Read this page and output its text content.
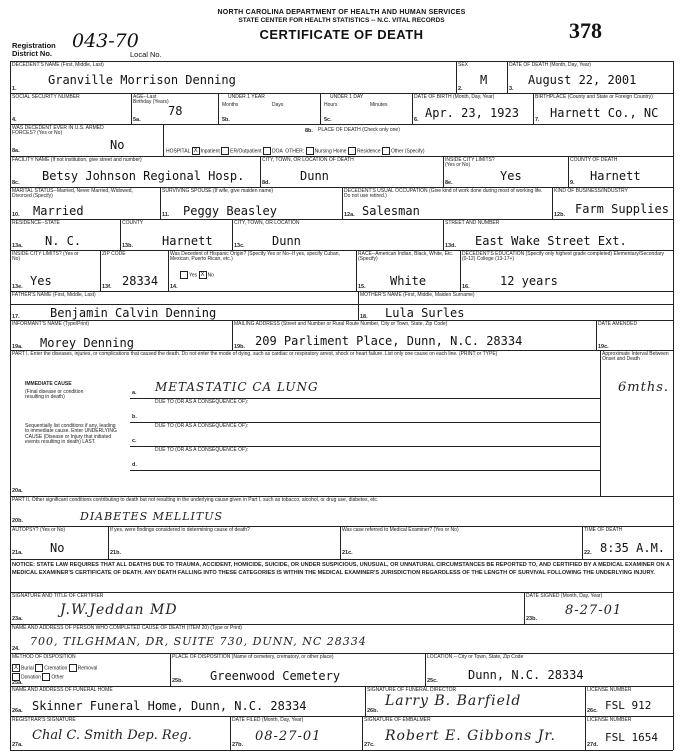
NORTH CAROLINA DEPARTMENT OF HEALTH AND HUMAN SERVICES
STATE CENTER FOR HEALTH STATISTICS -- N.C. VITAL RECORDS
CERTIFICATE OF DEATH	378
Registration District No.
043-70
Local No.
DECEDENT'S NAME (First, Middle, Last)
1.
Granville Morrison Denning
SEX
2.
M
DATE OF DEATH (Month, Day, Year)
3.
August 22, 2001
SOCIAL SECURITY NUMBER
4.
AGE--Last Birthday (Years)
5a.
78
UNDER 1 YEAR
Months	Days
5b.
UNDER 1 DAY
Hours	Minutes
5c.
DATE OF BIRTH (Month, Day, Year)
6. Apr. 23, 1923
BIRTHPLACE (County and State or Foreign Country)
7. Harnett Co., NC
WAS DECEDENT EVER IN U.S. ARMED FORCES? (Yes or No)
8a.	No
8b. PLACE OF DEATH (Check only one)
HOSPITAL X Inpatient ER/Outpatient DOA OTHER: Nursing Home Residence Other (Specify)
FACILITY NAME (If not institution, give street and number)
8c. Betsy Johnson Regional Hosp.
CITY, TOWN, OR LOCATION OF DEATH
8d.	Dunn
INSIDE CITY LIMITS? (Yes or No)
8e.	Yes
COUNTY OF DEATH
9. Harnett
MARITAL STATUS--Married, Never Married, Widowed, Divorced (Specify)
10. Married
SURVIVING SPOUSE (If wife, give maiden name)
11. Peggy Beasley
DECEDENT'S USUAL OCCUPATION (Give kind of work done during most of working life. Do not use retired.)
12a. Salesman
KIND OF BUSINESS/INDUSTRY
12b. Farm Supplies
RESIDENCE--STATE
13a. N. C.
COUNTY
13b. Harnett
CITY, TOWN, OR LOCATION
13c. Dunn
STREET AND NUMBER
13d. East Wake Street Ext.
INSIDE CITY LIMITS? (Yes or No)
13e. Yes
ZIP CODE
13f. 28334
Was Decedent of Hispanic Origin? (Specify Yes or No--If yes, specify Cuban, Mexican, Puerto Rican, etc.)
Yes X No
14.
RACE--American Indian, Black, White, Etc. (Specify)
15. White
DECEDENT'S EDUCATION (Specify only highest grade completed) Elementary/Secondary (0-12) College (13-17+)
16.	12 years
FATHER'S NAME (First, Middle, Last)
17.	Benjamin Calvin Denning
MOTHER'S NAME (First, Middle, Maiden Surname)
18. Lula Surles
INFORMANT'S NAME (Type/Print)
19a. Morey Denning
MAILING ADDRESS (Street and Number or Rural Route Number, City or Town, State, Zip Code)
19b. 209 Parliment Place, Dunn, N.C. 28334
DATE AMENDED
19c.
PART I. Enter the diseases, injuries, or complications that caused the death. Do not enter the mode of dying, such as cardiac or respiratory arrest, shock or heart failure. List only one cause on each line. (PRINT or TYPE)	Approximate Interval Between Onset and Death
IMMEDIATE CAUSE
(Final disease or condition resulting in death)
a. METASTATIC CA LUNG	6mths.
DUE TO (OR AS A CONSEQUENCE OF):
b.
Sequentially list conditions if any, leading to immediate cause. Enter UNDERLYING CAUSE (Disease or Injury that initiated events resulting in death) LAST.
DUE TO (OR AS A CONSEQUENCE OF):
c.
DUE TO (OR AS A CONSEQUENCE OF):
d.
20a.
PART II. Other significant conditions contributing to death but not resulting in the underlying cause given in Part I, such as tobacco, alcohol, or drug use, diabetes, etc.
20b.	DIABETES MELLITUS
AUTOPSY? (Yes or No)
21a. No
If yes, were findings considered in determining cause of death?
21b.
Was case referred to Medical Examiner? (Yes or No)
21c.
TIME OF DEATH
22. 8:35 A.M.
NOTICE: STATE LAW REQUIRES THAT ALL DEATHS DUE TO TRAUMA, ACCIDENT, HOMICIDE, SUICIDE, OR UNDER SUSPICIOUS, UNUSUAL, OR UNNATURAL CIRCUMSTANCES BE REPORTED TO, AND CERTIFIED BY A MEDICAL EXAMINER ON A MEDICAL EXAMINER'S CERTIFICATE OF DEATH. ANY DEATH FALLING INTO THESE CATEGORIES IS WITHIN THE MEDICAL EXAMINER'S JURISDICTION REGARDLESS OF THE LENGTH OF SURVIVAL FOLLOWING THE UNDERLYING INJURY.
SIGNATURE AND TITLE OF CERTIFIER
23a.
J.W.Jeddan MD
DATE SIGNED (Month, Day, Year)
23b.
8-27-01
NAME AND ADDRESS OF PERSON WHO COMPLETED CAUSE OF DEATH (ITEM 20) (Type or Print)
24.
700, TILGHMAN, DR, SUITE 730, DUNN, NC 28334
METHOD OF DISPOSITION
X Burial Cremation Removal
Donation Other
25a.
PLACE OF DISPOSITION (Name of cemetery, crematory, or other place)
25b. Greenwood Cemetery
LOCATION -- City or Town, State, Zip Code
25c.	Dunn, N.C. 28334
NAME AND ADDRESS OF FUNERAL HOME
26a. Skinner Funeral Home, Dunn, N.C. 28334
SIGNATURE OF FUNERAL DIRECTOR
26b.
Larry B. Barfield
LICENSE NUMBER
26c. FSL 912
REGISTRAR'S SIGNATURE
27a.
Chal C. Smith Dep. Reg.
DATE FILED (Month, Day, Year)
27b.
08-27-01
SIGNATURE OF EMBALMER
27c.
Robert E. Gibbons Jr.
LICENSE NUMBER
27d.
FSL 1654
